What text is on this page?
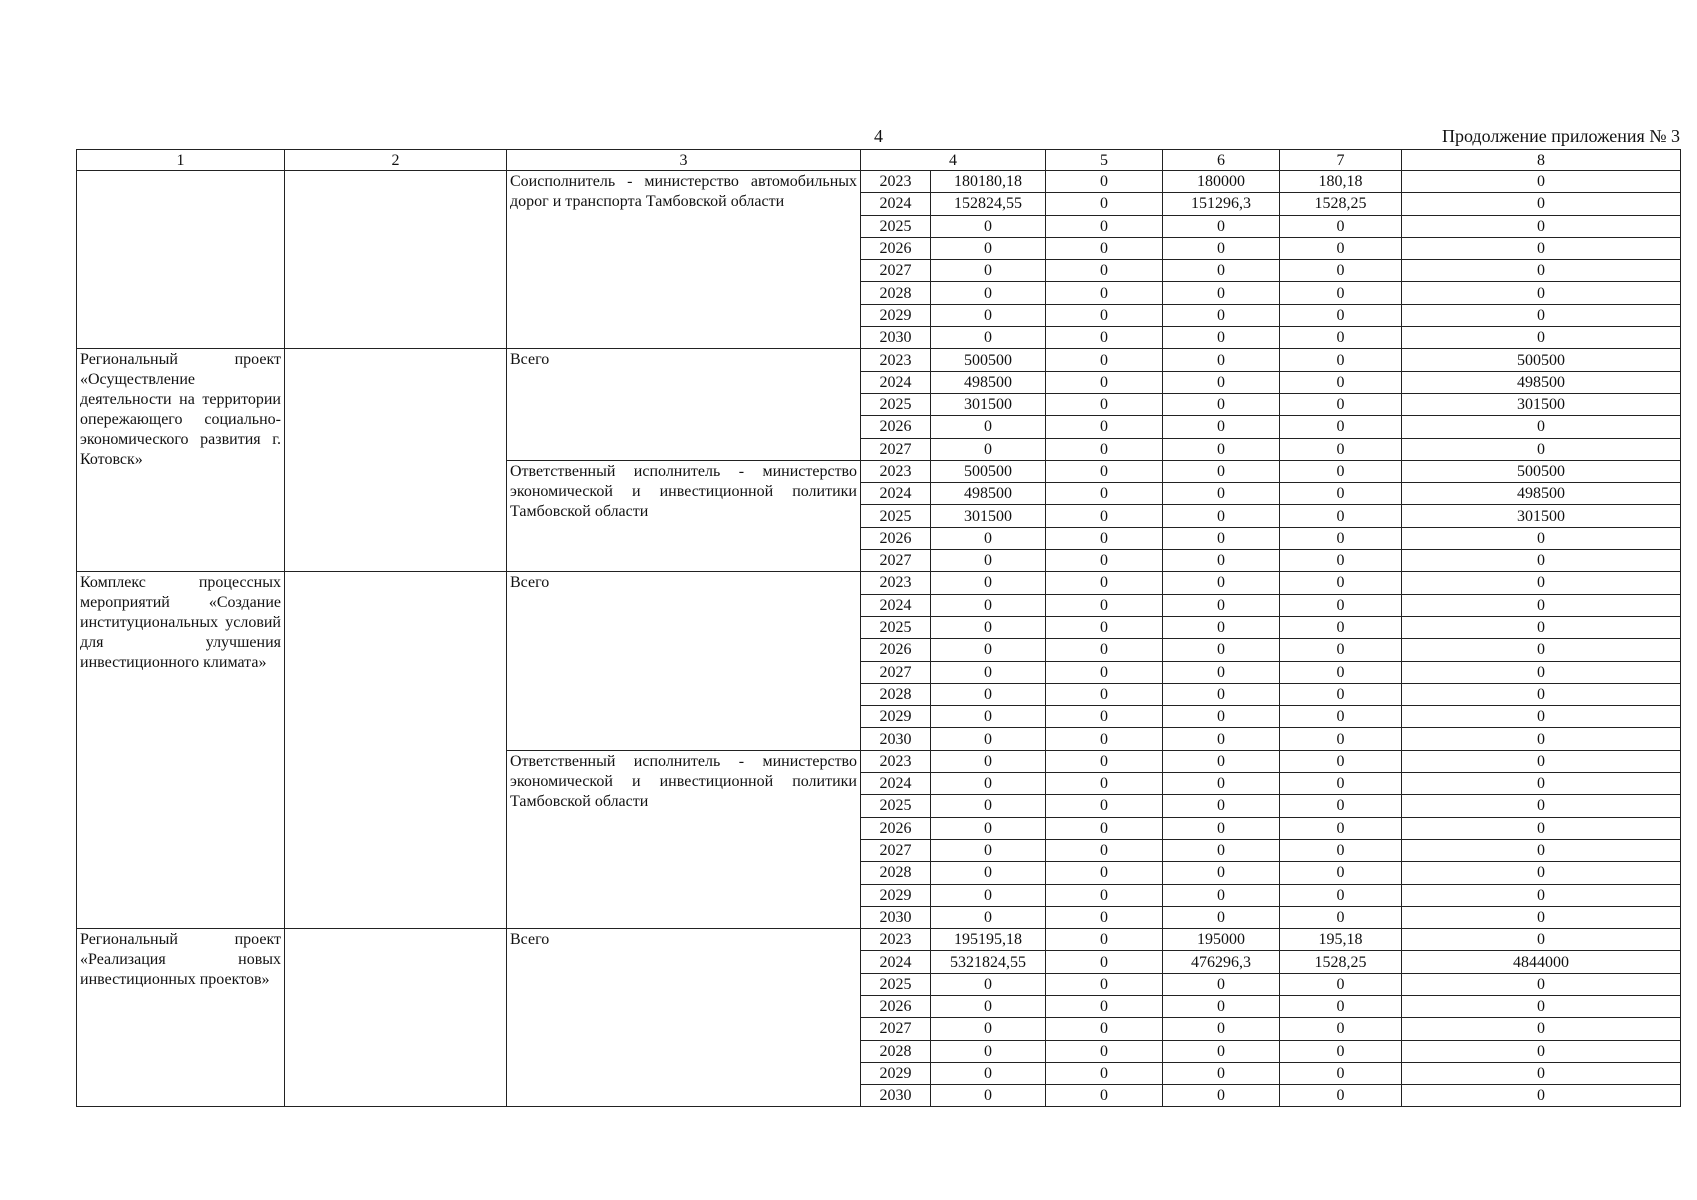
4	Продолжение приложения № 3
1	2	3	4		5	6	7	8
		Соисполнитель - министерство автомобильных дорог и транспорта Тамбовской области	2023	180180,18	0	180000	180,18	0
			2024	152824,55	0	151296,3	1528,25	0
			2025	0	0	0	0	0
			2026	0	0	0	0	0
			2027	0	0	0	0	0
			2028	0	0	0	0	0
			2029	0	0	0	0	0
			2030	0	0	0	0	0
Региональный проект «Осуществление деятельности на территории опережающего социально-экономического развития г. Котовск»		Всего	2023	500500	0	0	0	500500
			2024	498500	0	0	0	498500
			2025	301500	0	0	0	301500
			2026	0	0	0	0	0
			2027	0	0	0	0	0
		Ответственный исполнитель - министерство экономической и инвестиционной политики Тамбовской области	2023	500500	0	0	0	500500
			2024	498500	0	0	0	498500
			2025	301500	0	0	0	301500
			2026	0	0	0	0	0
			2027	0	0	0	0	0
Комплекс процессных мероприятий «Создание институциональных условий для улучшения инвестиционного климата»		Всего	2023	0	0	0	0	0
			2024	0	0	0	0	0
			2025	0	0	0	0	0
			2026	0	0	0	0	0
			2027	0	0	0	0	0
			2028	0	0	0	0	0
			2029	0	0	0	0	0
			2030	0	0	0	0	0
		Ответственный исполнитель - министерство экономической и инвестиционной политики Тамбовской области	2023	0	0	0	0	0
			2024	0	0	0	0	0
			2025	0	0	0	0	0
			2026	0	0	0	0	0
			2027	0	0	0	0	0
			2028	0	0	0	0	0
			2029	0	0	0	0	0
			2030	0	0	0	0	0
Региональный проект «Реализация новых инвестиционных проектов»		Всего	2023	195195,18	0	195000	195,18	0
			2024	5321824,55	0	476296,3	1528,25	4844000
			2025	0	0	0	0	0
			2026	0	0	0	0	0
			2027	0	0	0	0	0
			2028	0	0	0	0	0
			2029	0	0	0	0	0
			2030	0	0	0	0	0
